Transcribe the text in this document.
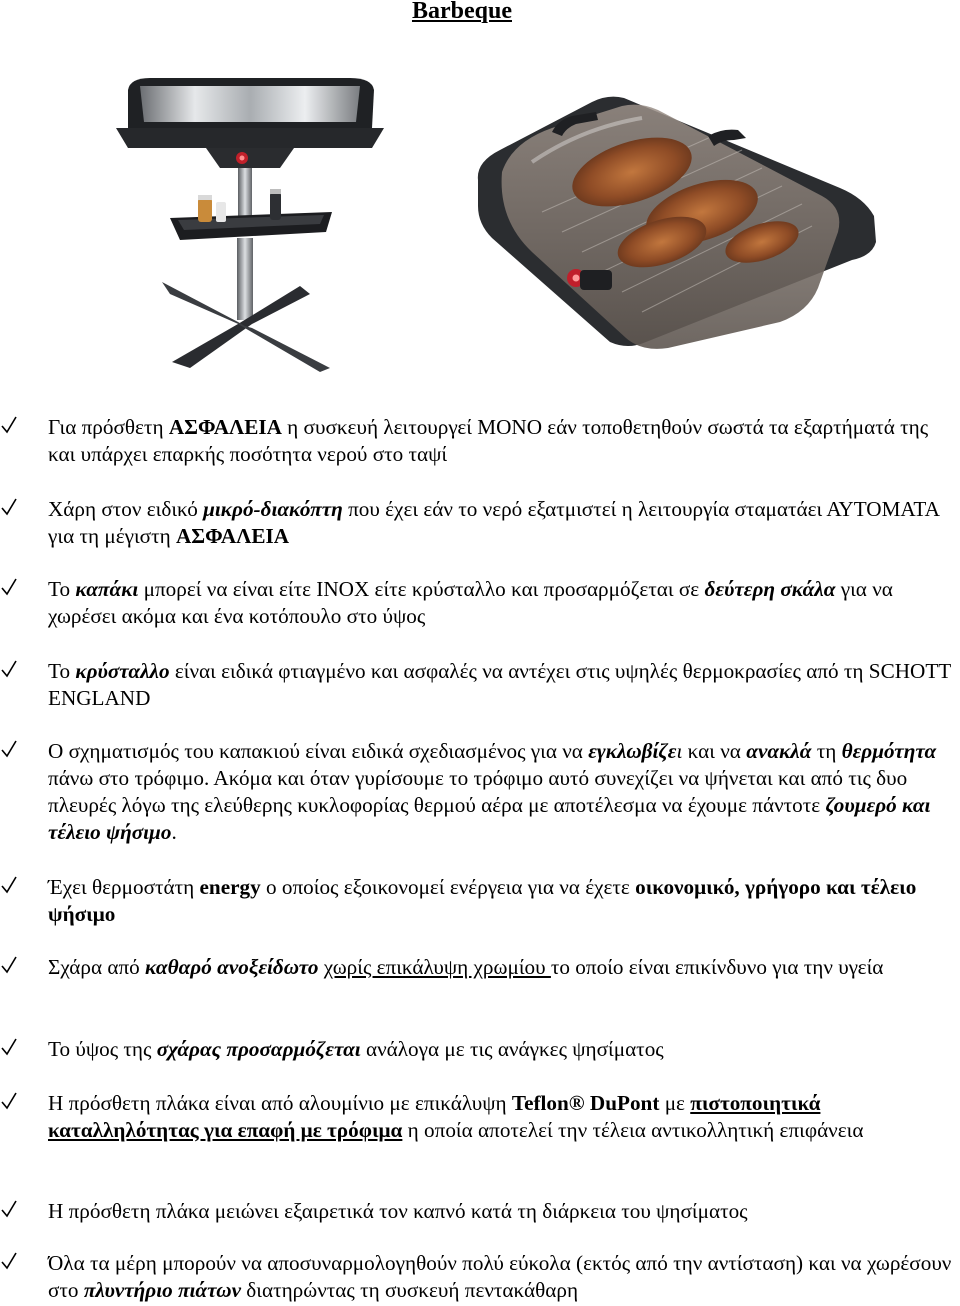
Barbeque
Για πρόσθετη ΑΣΦΑΛΕΙΑ η συσκευή λειτουργεί ΜΟΝΟ εάν τοποθετηθούν σωστά τα εξαρτήματά της και υπάρχει επαρκής ποσότητα νερού στο ταψί
Χάρη στον ειδικό μικρό-διακόπτη που έχει εάν το νερό εξατμιστεί η λειτουργία σταματάει ΑΥΤΟΜΑΤΑ για τη μέγιστη ΑΣΦΑΛΕΙΑ
Το καπάκι μπορεί να είναι είτε INOX είτε κρύσταλλο και προσαρμόζεται σε δεύτερη σκάλα για να χωρέσει ακόμα και ένα κοτόπουλο στο ύψος
Το κρύσταλλο είναι ειδικά φτιαγμένο και ασφαλές να αντέχει στις υψηλές θερμοκρασίες από τη SCHOTT ENGLAND
Ο σχηματισμός του καπακιού είναι ειδικά σχεδιασμένος για να εγκλωβίζει και να ανακλά τη θερμότητα πάνω στο τρόφιμο. Ακόμα και όταν γυρίσουμε το τρόφιμο αυτό συνεχίζει να ψήνεται και από τις δυο πλευρές λόγω της ελεύθερης κυκλοφορίας θερμού αέρα με αποτέλεσμα να έχουμε πάντοτε ζουμερό και τέλειο ψήσιμο.
Έχει θερμοστάτη energy ο οποίος εξοικονομεί ενέργεια για να έχετε οικονομικό, γρήγορο και τέλειο ψήσιμο
Σχάρα από καθαρό ανοξείδωτο χωρίς επικάλυψη χρωμίου το οποίο είναι επικίνδυνο για την υγεία
Το ύψος της σχάρας προσαρμόζεται ανάλογα με τις ανάγκες ψησίματος
Η πρόσθετη πλάκα είναι από αλουμίνιο με επικάλυψη Teflon® DuPont με πιστοποιητικά καταλληλότητας για επαφή με τρόφιμα η οποία αποτελεί την τέλεια αντικολλητική επιφάνεια
Η πρόσθετη πλάκα μειώνει εξαιρετικά τον καπνό κατά τη διάρκεια του ψησίματος
Όλα τα μέρη μπορούν να αποσυναρμολογηθούν πολύ εύκολα (εκτός από την αντίσταση) και να χωρέσουν στο πλυντήριο πιάτων διατηρώντας τη συσκευή πεντακάθαρη
